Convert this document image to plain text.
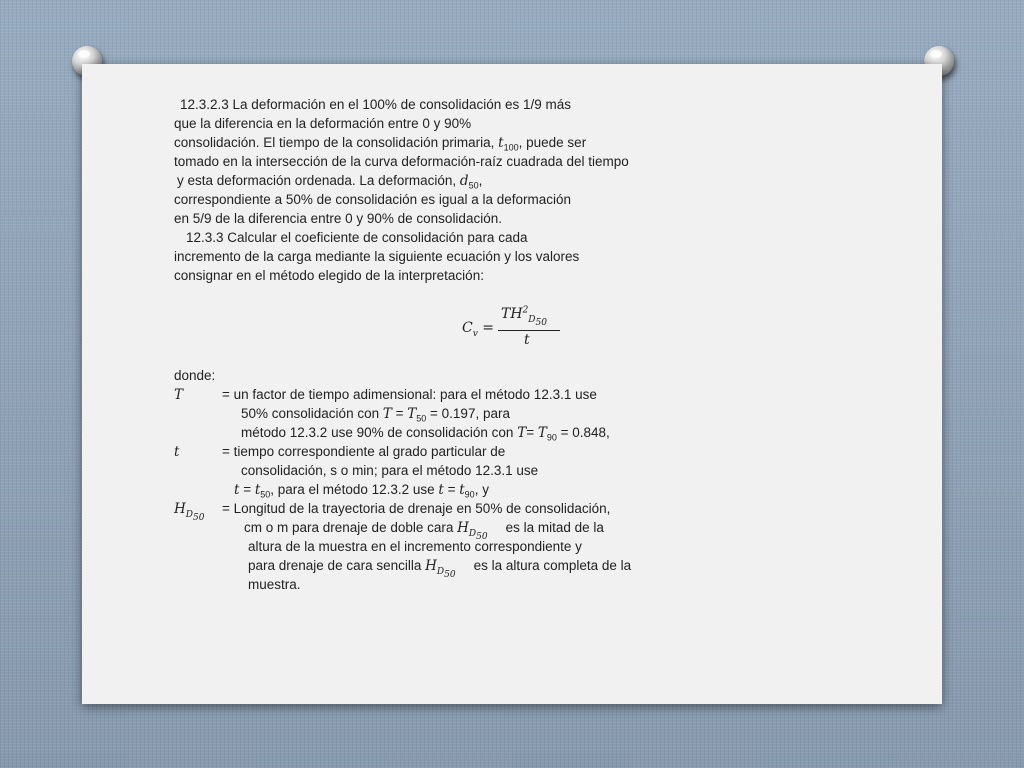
12.3.2.3 La deformación en el 100% de consolidación es 1/9 más
que la diferencia en la deformación entre 0 y 90%
consolidación. El tiempo de la consolidación primaria, $t_{100}$, puede ser
tomado en la intersección de la curva deformación-raíz cuadrada del tiempo
y esta deformación ordenada. La deformación, $d_{50}$,
correspondiente a 50% de consolidación es igual a la deformación
en 5/9 de la diferencia entre 0 y 90% de consolidación.
12.3.3 Calcular el coeficiente de consolidación para cada
incremento de la carga mediante la siguiente ecuación y los valores
consignar en el método elegido de la interpretación:
$C_v$ =
$TH^2_{D_{50}}$
t
donde:
T	= un factor de tiempo adimensional: para el método 12.3.1 use
50% consolidación con $T = T_{50} = 0.197$, para
método 12.3.2 use 90% de consolidación con $T= T_{90} = 0.848$,
t	= tiempo correspondiente al grado particular de
consolidación, s o min; para el método 12.3.1 use
$t = t_{50}$, para el método 12.3.2 use $t = t_{90}$, y
$H_{D_{50}}=$ Longitud de la trayectoria de drenaje en 50% de consolidación,
cm o m para drenaje de doble cara $H_{D_{50}}es$ la mitad de la
altura de la muestra en el incremento correspondiente y
para drenaje de cara sencilla $H_{D_{50}}es$ la altura completa de la
muestra.
